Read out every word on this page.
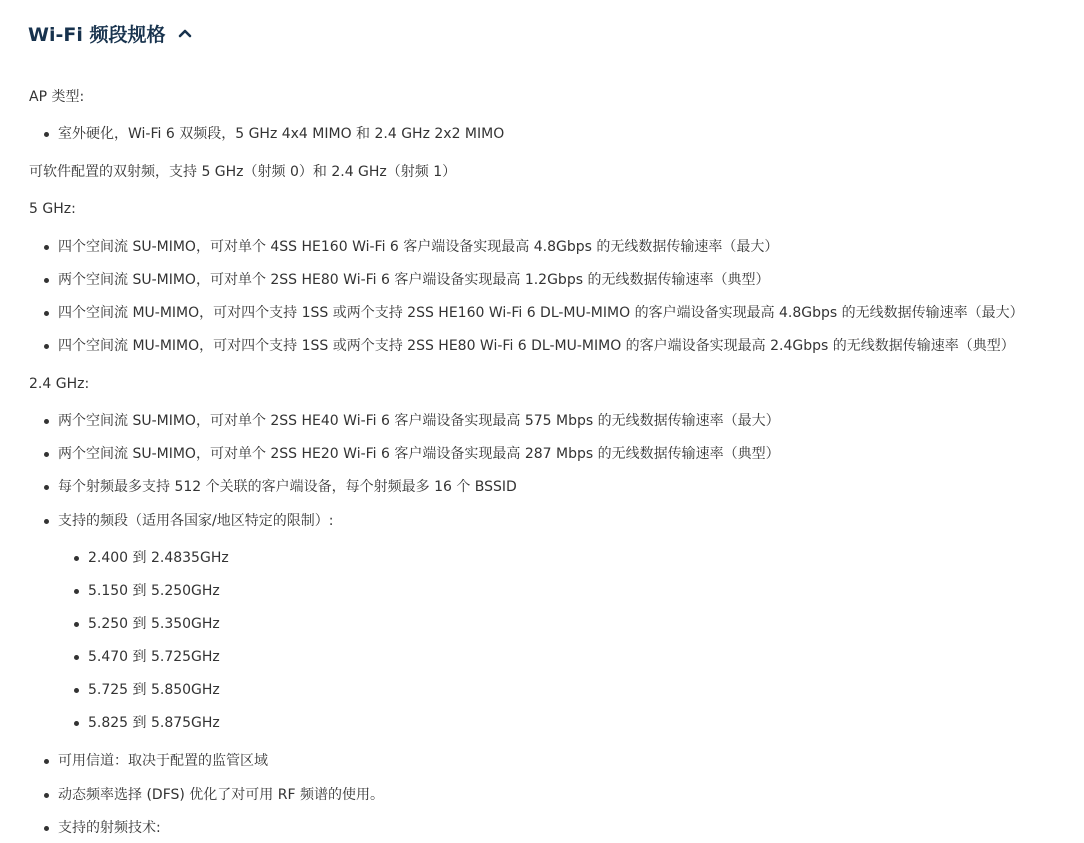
Wi-Fi 频段规格
AP 类型:
室外硬化，Wi-Fi 6 双频段，5 GHz 4x4 MIMO 和 2.4 GHz 2x2 MIMO
可软件配置的双射频，支持 5 GHz（射频 0）和 2.4 GHz（射频 1）
5 GHz:
四个空间流 SU-MIMO，可对单个 4SS HE160 Wi-Fi 6 客户端设备实现最高 4.8Gbps 的无线数据传输速率（最大）
两个空间流 SU-MIMO，可对单个 2SS HE80 Wi-Fi 6 客户端设备实现最高 1.2Gbps 的无线数据传输速率（典型）
四个空间流 MU-MIMO，可对四个支持 1SS 或两个支持 2SS HE160 Wi-Fi 6 DL-MU-MIMO 的客户端设备实现最高 4.8Gbps 的无线数据传输速率（最大）
四个空间流 MU-MIMO，可对四个支持 1SS 或两个支持 2SS HE80 Wi-Fi 6 DL-MU-MIMO 的客户端设备实现最高 2.4Gbps 的无线数据传输速率（典型）
2.4 GHz:
两个空间流 SU-MIMO，可对单个 2SS HE40 Wi-Fi 6 客户端设备实现最高 575 Mbps 的无线数据传输速率（最大）
两个空间流 SU-MIMO，可对单个 2SS HE20 Wi-Fi 6 客户端设备实现最高 287 Mbps 的无线数据传输速率（典型）
每个射频最多支持 512 个关联的客户端设备，每个射频最多 16 个 BSSID
支持的频段（适用各国家/地区特定的限制）:
2.400 到 2.4835GHz
5.150 到 5.250GHz
5.250 到 5.350GHz
5.470 到 5.725GHz
5.725 到 5.850GHz
5.825 到 5.875GHz
可用信道：取决于配置的监管区域
动态频率选择 (DFS) 优化了对可用 RF 频谱的使用。
支持的射频技术:
